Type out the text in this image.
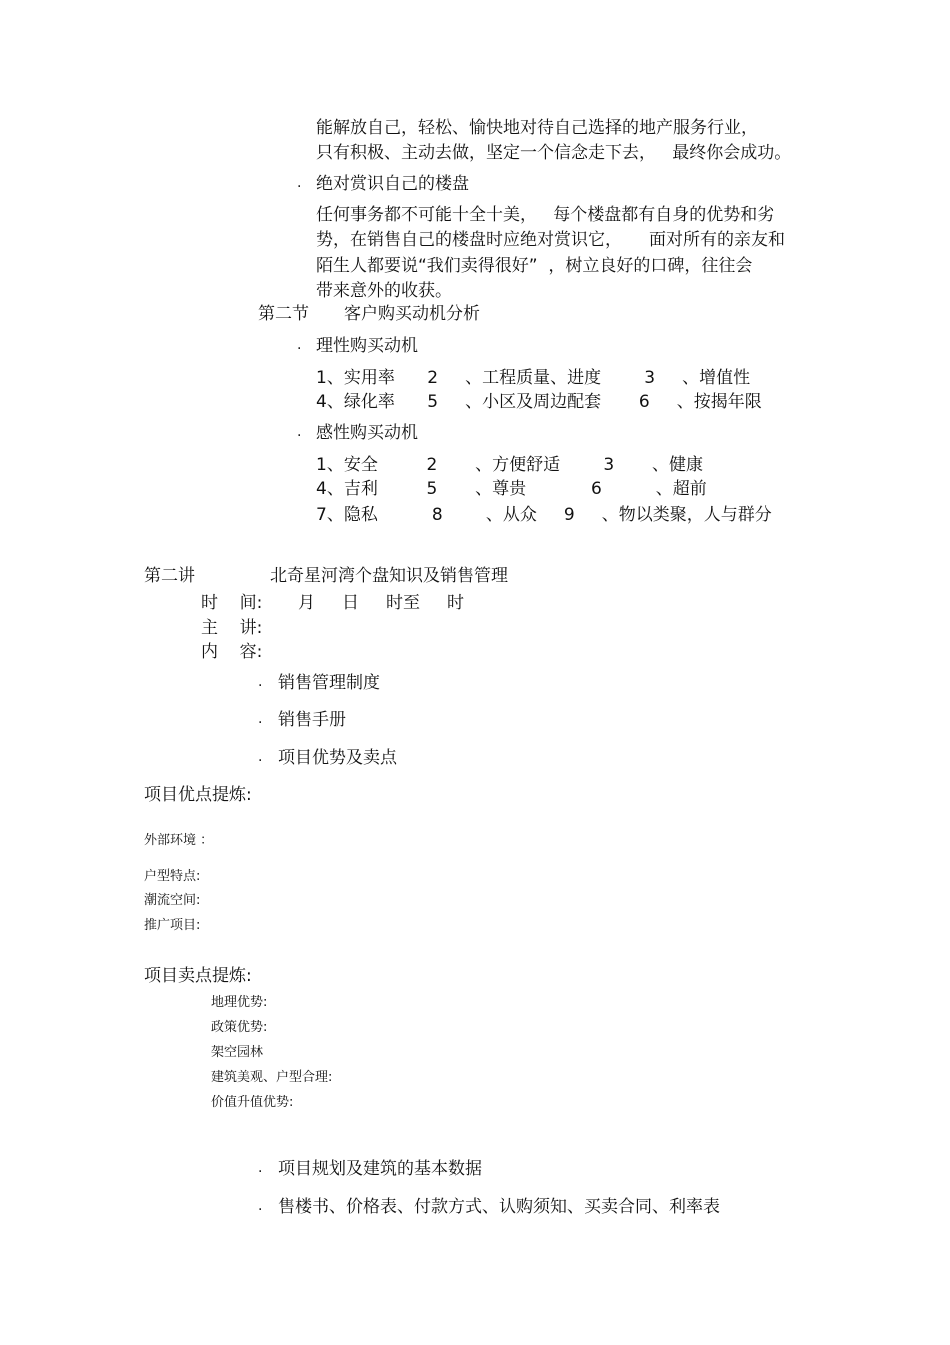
能解放自己，轻松、愉快地对待自己选择的地产服务行业，
只有积极、主动去做，坚定一个信念走下去，   最终你会成功。
· 绝对赏识自己的楼盘
任何事务都不可能十全十美，   每个楼盘都有自身的优势和劣
势，在销售自己的楼盘时应绝对赏识它，     面对所有的亲友和
陌生人都要说“我们卖得很好”  ，树立良好的口碑，往往会
带来意外的收获。
第二节 客户购买动机分析
· 理性购买动机
1、实用率      2     、工程质量、进度        3     、增值性
4、绿化率      5     、小区及周边配套       6     、按揭年限
· 感性购买动机
1、安全         2       、方便舒适        3       、健康
4、吉利         5       、尊贵            6          、超前
7、隐私          8        、从众     9     、物以类聚，人与群分
第二讲	北奇星河湾个盘知识及销售管理
时    间: 月     日     时至     时
主    讲:
内    容:
· 销售管理制度
· 销售手册
· 项目优势及卖点
项目优点提炼:
外部环境 ：
户型特点:
潮流空间:
推广项目:
项目卖点提炼:
地理优势:
政策优势:
架空园林
建筑美观、户型合理:
价值升值优势:
· 项目规划及建筑的基本数据
· 售楼书、价格表、付款方式、认购须知、买卖合同、利率表
